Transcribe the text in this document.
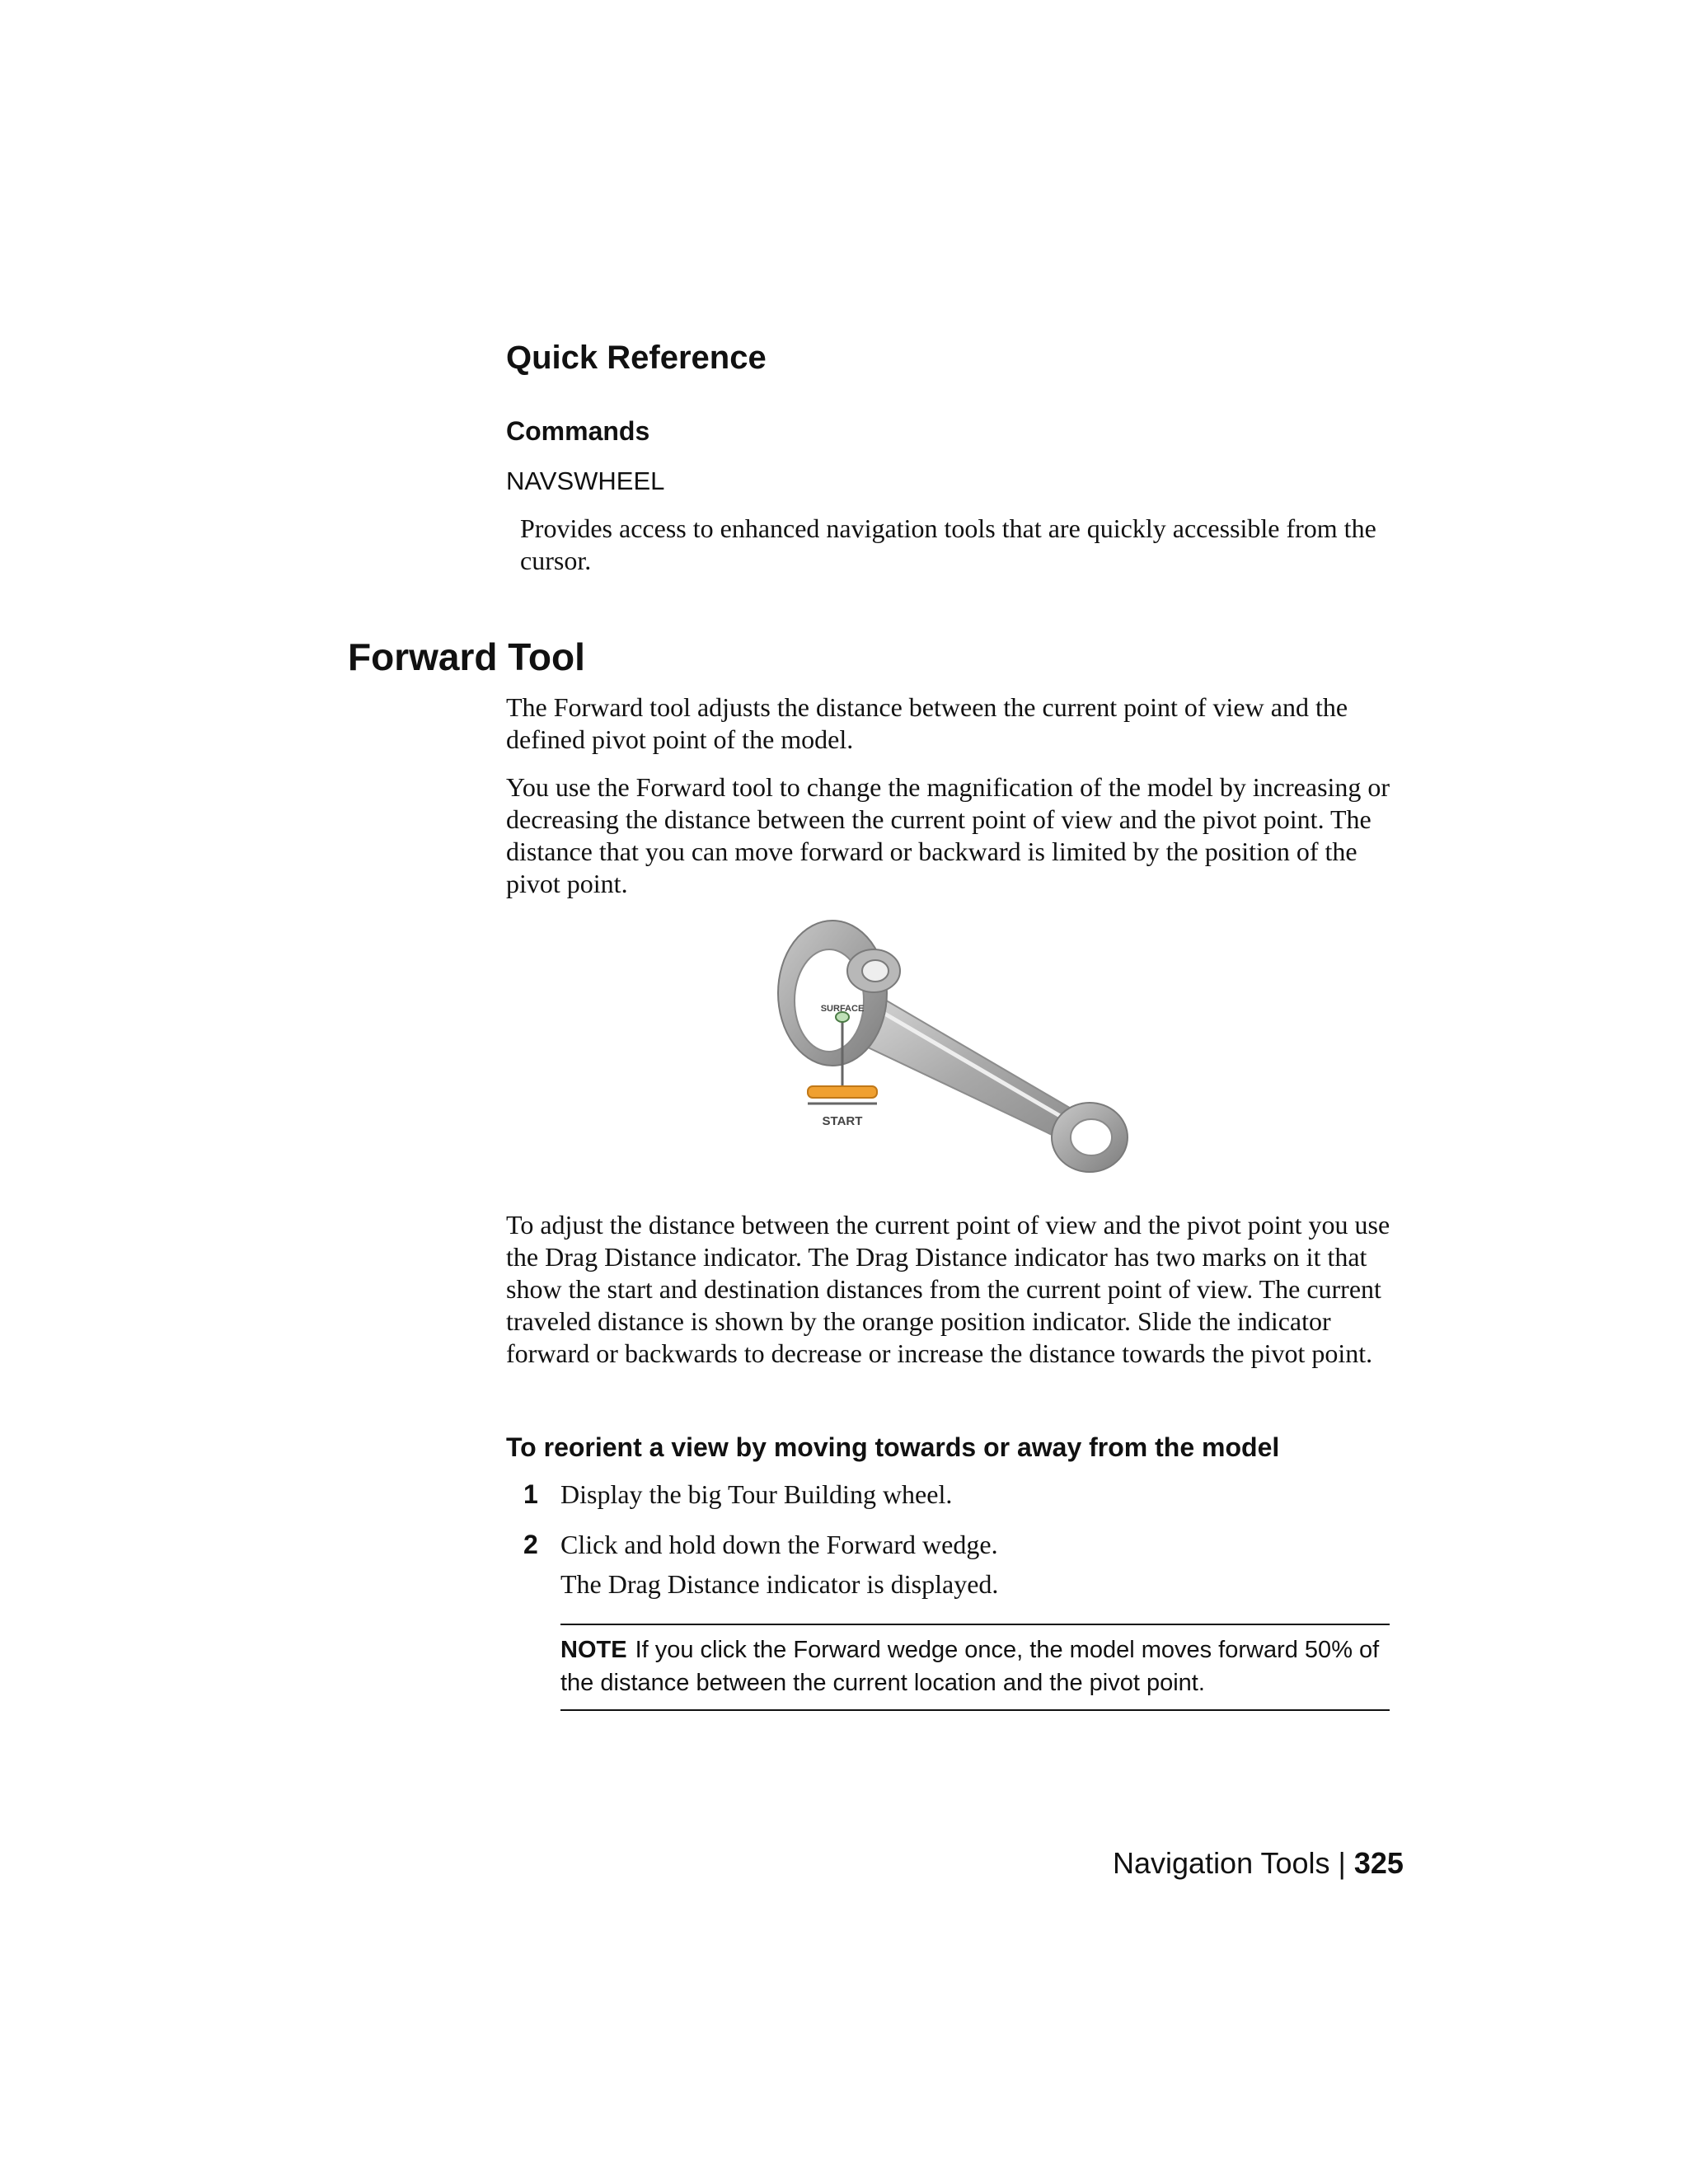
Quick Reference
Commands
NAVSWHEEL

Provides access to enhanced navigation tools that are quickly accessible from the cursor.

Forward Tool

The Forward tool adjusts the distance between the current point of view and the defined pivot point of the model.

You use the Forward tool to change the magnification of the model by increasing or decreasing the distance between the current point of view and the pivot point. The distance that you can move forward or backward is limited by the position of the pivot point.

SURFACE
START

To adjust the distance between the current point of view and the pivot point you use the Drag Distance indicator. The Drag Distance indicator has two marks on it that show the start and destination distances from the current point of view. The current traveled distance is shown by the orange position indicator. Slide the indicator forward or backwards to decrease or increase the distance towards the pivot point.

To reorient a view by moving towards or away from the model
1 Display the big Tour Building wheel.
2 Click and hold down the Forward wedge.
The Drag Distance indicator is displayed.
NOTE If you click the Forward wedge once, the model moves forward 50% of the distance between the current location and the pivot point.
Navigation Tools | 325
